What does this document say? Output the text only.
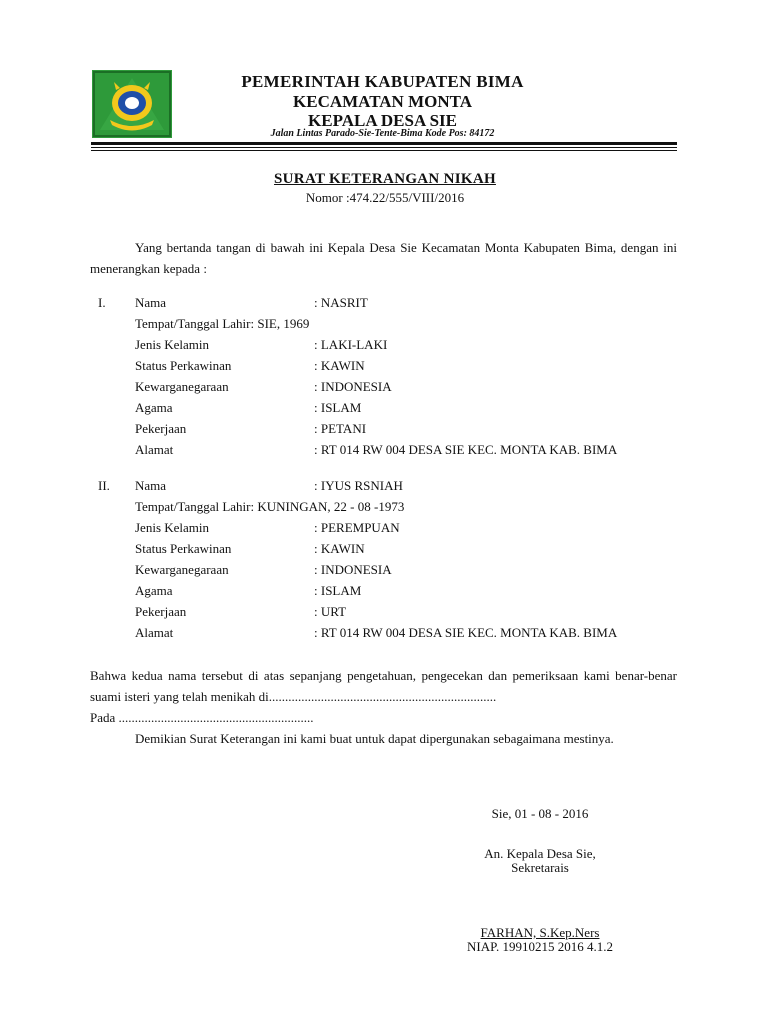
PEMERINTAH KABUPATEN BIMA
KECAMATAN MONTA
KEPALA DESA SIE
Jalan Lintas Parado-Sie-Tente-Bima Kode Pos: 84172
SURAT KETERANGAN NIKAH
Nomor :474.22/555/VIII/2016
Yang bertanda tangan di bawah ini Kepala Desa Sie Kecamatan Monta Kabupaten Bima, dengan ini menerangkan kepada :
I.	Nama	: NASRIT
Tempat/Tanggal Lahir: SIE, 1969
Jenis Kelamin	: LAKI-LAKI
Status Perkawinan	: KAWIN
Kewarganegaraan	: INDONESIA
Agama	: ISLAM
Pekerjaan	: PETANI
Alamat	: RT 014 RW 004 DESA SIE KEC. MONTA KAB. BIMA
II.	Nama	: IYUS RSNIAH
Tempat/Tanggal Lahir: KUNINGAN, 22 - 08 -1973
Jenis Kelamin	: PEREMPUAN
Status Perkawinan	: KAWIN
Kewarganegaraan	: INDONESIA
Agama	: ISLAM
Pekerjaan	: URT
Alamat	: RT 014 RW 004 DESA SIE KEC. MONTA KAB. BIMA
Bahwa kedua nama tersebut di atas sepanjang pengetahuan, pengecekan dan pemeriksaan kami benar-benar suami isteri yang telah menikah di......................................................................
Pada ............................................................
Demikian Surat Keterangan ini kami buat untuk dapat dipergunakan sebagaimana mestinya.
Sie, 01 - 08 - 2016
An. Kepala Desa Sie,
Sekretarais
FARHAN, S.Kep.Ners
NIAP. 19910215 2016 4.1.2
